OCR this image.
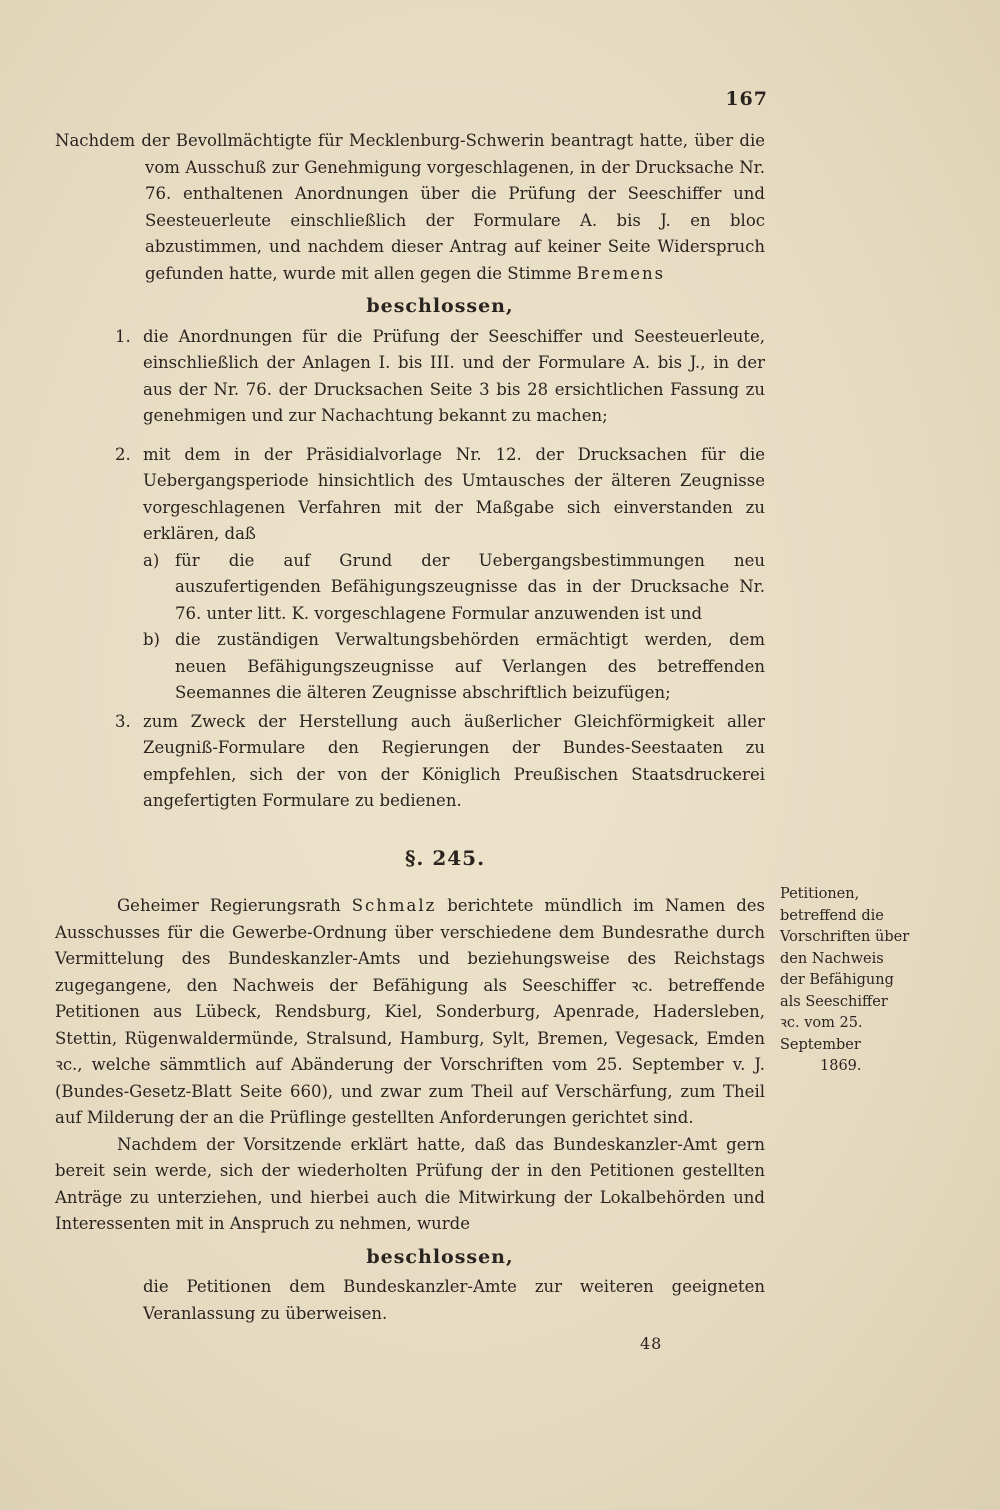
167

Nachdem der Bevollmächtigte für Mecklenburg-Schwerin beantragt hatte, über die vom Ausschuß zur Genehmigung vorgeschlagenen, in der Drucksache Nr. 76. enthaltenen Anordnungen über die Prüfung der Seeschiffer und Seesteuerleute einschließlich der Formulare A. bis J. en bloc abzustimmen, und nachdem dieser Antrag auf keiner Seite Widerspruch gefunden hatte, wurde mit allen gegen die Stimme Bremens

beschlossen,

1. die Anordnungen für die Prüfung der Seeschiffer und Seesteuerleute, einschließlich der Anlagen I. bis III. und der Formulare A. bis J., in der aus der Nr. 76. der Drucksachen Seite 3 bis 28 ersichtlichen Fassung zu genehmigen und zur Nachachtung bekannt zu machen;

2. mit dem in der Präsidialvorlage Nr. 12. der Drucksachen für die Uebergangsperiode hinsichtlich des Umtausches der älteren Zeugnisse vorgeschlagenen Verfahren mit der Maßgabe sich einverstanden zu erklären, daß

a) für die auf Grund der Uebergangsbestimmungen neu auszufertigenden Befähigungszeugnisse das in der Drucksache Nr. 76. unter litt. K. vorgeschlagene Formular anzuwenden ist und

b) die zuständigen Verwaltungsbehörden ermächtigt werden, dem neuen Befähigungszeugnisse auf Verlangen des betreffenden Seemannes die älteren Zeugnisse abschriftlich beizufügen;

3. zum Zweck der Herstellung auch äußerlicher Gleichförmigkeit aller Zeugniß-Formulare den Regierungen der Bundes-Seestaaten zu empfehlen, sich der von der Königlich Preußischen Staatsdruckerei angefertigten Formulare zu bedienen.

§. 245.

Geheimer Regierungsrath Schmalz berichtete mündlich im Namen des Ausschusses für die Gewerbe-Ordnung über verschiedene dem Bundesrathe durch Vermittelung des Bundeskanzler-Amts und beziehungsweise des Reichstags zugegangene, den Nachweis der Befähigung als Seeschiffer ꝛc. betreffende Petitionen aus Lübeck, Rendsburg, Kiel, Sonderburg, Apenrade, Hadersleben, Stettin, Rügenwaldermünde, Stralsund, Hamburg, Sylt, Bremen, Vegesack, Emden ꝛc., welche sämmtlich auf Abänderung der Vorschriften vom 25. September v. J. (Bundes-Gesetz-Blatt Seite 660), und zwar zum Theil auf Verschärfung, zum Theil auf Milderung der an die Prüflinge gestellten Anforderungen gerichtet sind.

Nachdem der Vorsitzende erklärt hatte, daß das Bundeskanzler-Amt gern bereit sein werde, sich der wiederholten Prüfung der in den Petitionen gestellten Anträge zu unterziehen, und hierbei auch die Mitwirkung der Lokalbehörden und Interessenten mit in Anspruch zu nehmen, wurde

beschlossen,

die Petitionen dem Bundeskanzler-Amte zur weiteren geeigneten Veranlassung zu überweisen.

Petitionen, betreffend die Vorschriften über den Nachweis der Befähigung als Seeschiffer ꝛc. vom 25. September

1869.

48
